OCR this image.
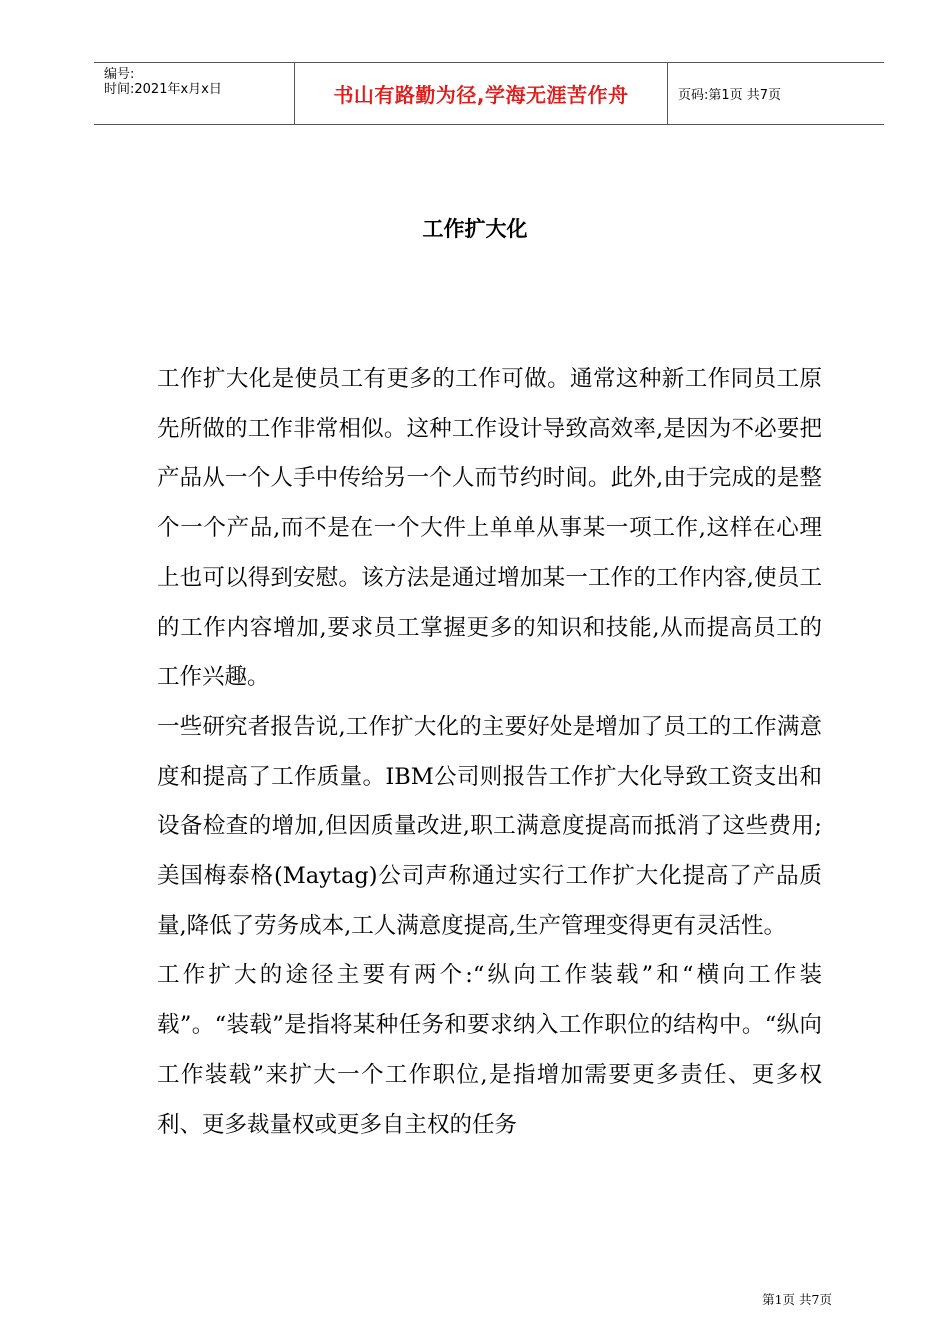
编号:
时间:2021年x月x日	书山有路勤为径,学海无涯苦作舟	页码:第1页 共7页
工作扩大化

工作扩大化是使员工有更多的工作可做。通常这种新工作同员工原先所做的工作非常相似。这种工作设计导致高效率,是因为不必要把产品从一个人手中传给另一个人而节约时间。此外,由于完成的是整个一个产品,而不是在一个大件上单单从事某一项工作,这样在心理上也可以得到安慰。该方法是通过增加某一工作的工作内容,使员工的工作内容增加,要求员工掌握更多的知识和技能,从而提高员工的工作兴趣。

一些研究者报告说,工作扩大化的主要好处是增加了员工的工作满意度和提高了工作质量。IBM公司则报告工作扩大化导致工资支出和设备检查的增加,但因质量改进,职工满意度提高而抵消了这些费用;美国梅泰格(Maytag)公司声称通过实行工作扩大化提高了产品质量,降低了劳务成本,工人满意度提高,生产管理变得更有灵活性。

工作扩大的途径主要有两个:“纵向工作装载”和“横向工作装载”。“装载”是指将某种任务和要求纳入工作职位的结构中。“纵向工作装载”来扩大一个工作职位,是指增加需要更多责任、更多权利、更多裁量权或更多自主权的任务

第1页 共7页
